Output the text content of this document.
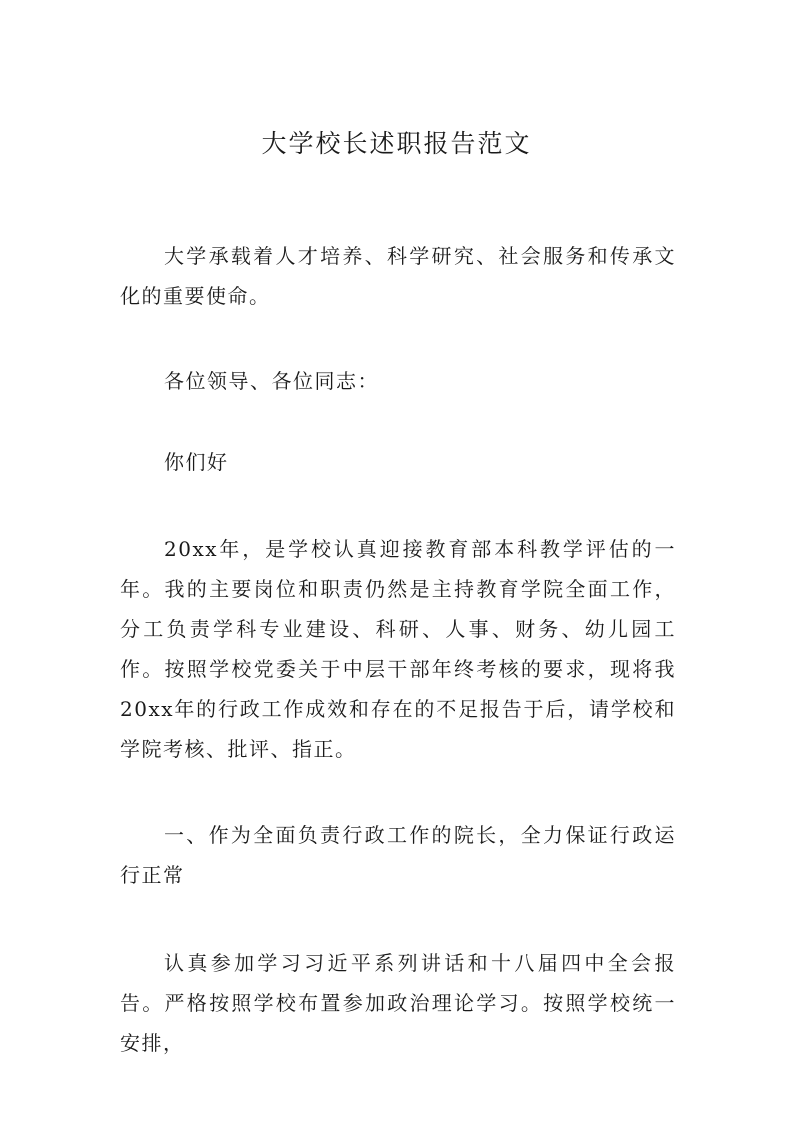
大学校长述职报告范文

大学承载着人才培养、科学研究、社会服务和传承文化的重要使命。

各位领导、各位同志：

你们好

20xx年，是学校认真迎接教育部本科教学评估的一年。我的主要岗位和职责仍然是主持教育学院全面工作，分工负责学科专业建设、科研、人事、财务、幼儿园工作。按照学校党委关于中层干部年终考核的要求，现将我20xx年的行政工作成效和存在的不足报告于后，请学校和学院考核、批评、指正。

一、作为全面负责行政工作的院长，全力保证行政运行正常

认真参加学习习近平系列讲话和十八届四中全会报告。严格按照学校布置参加政治理论学习。按照学校统一安排，
